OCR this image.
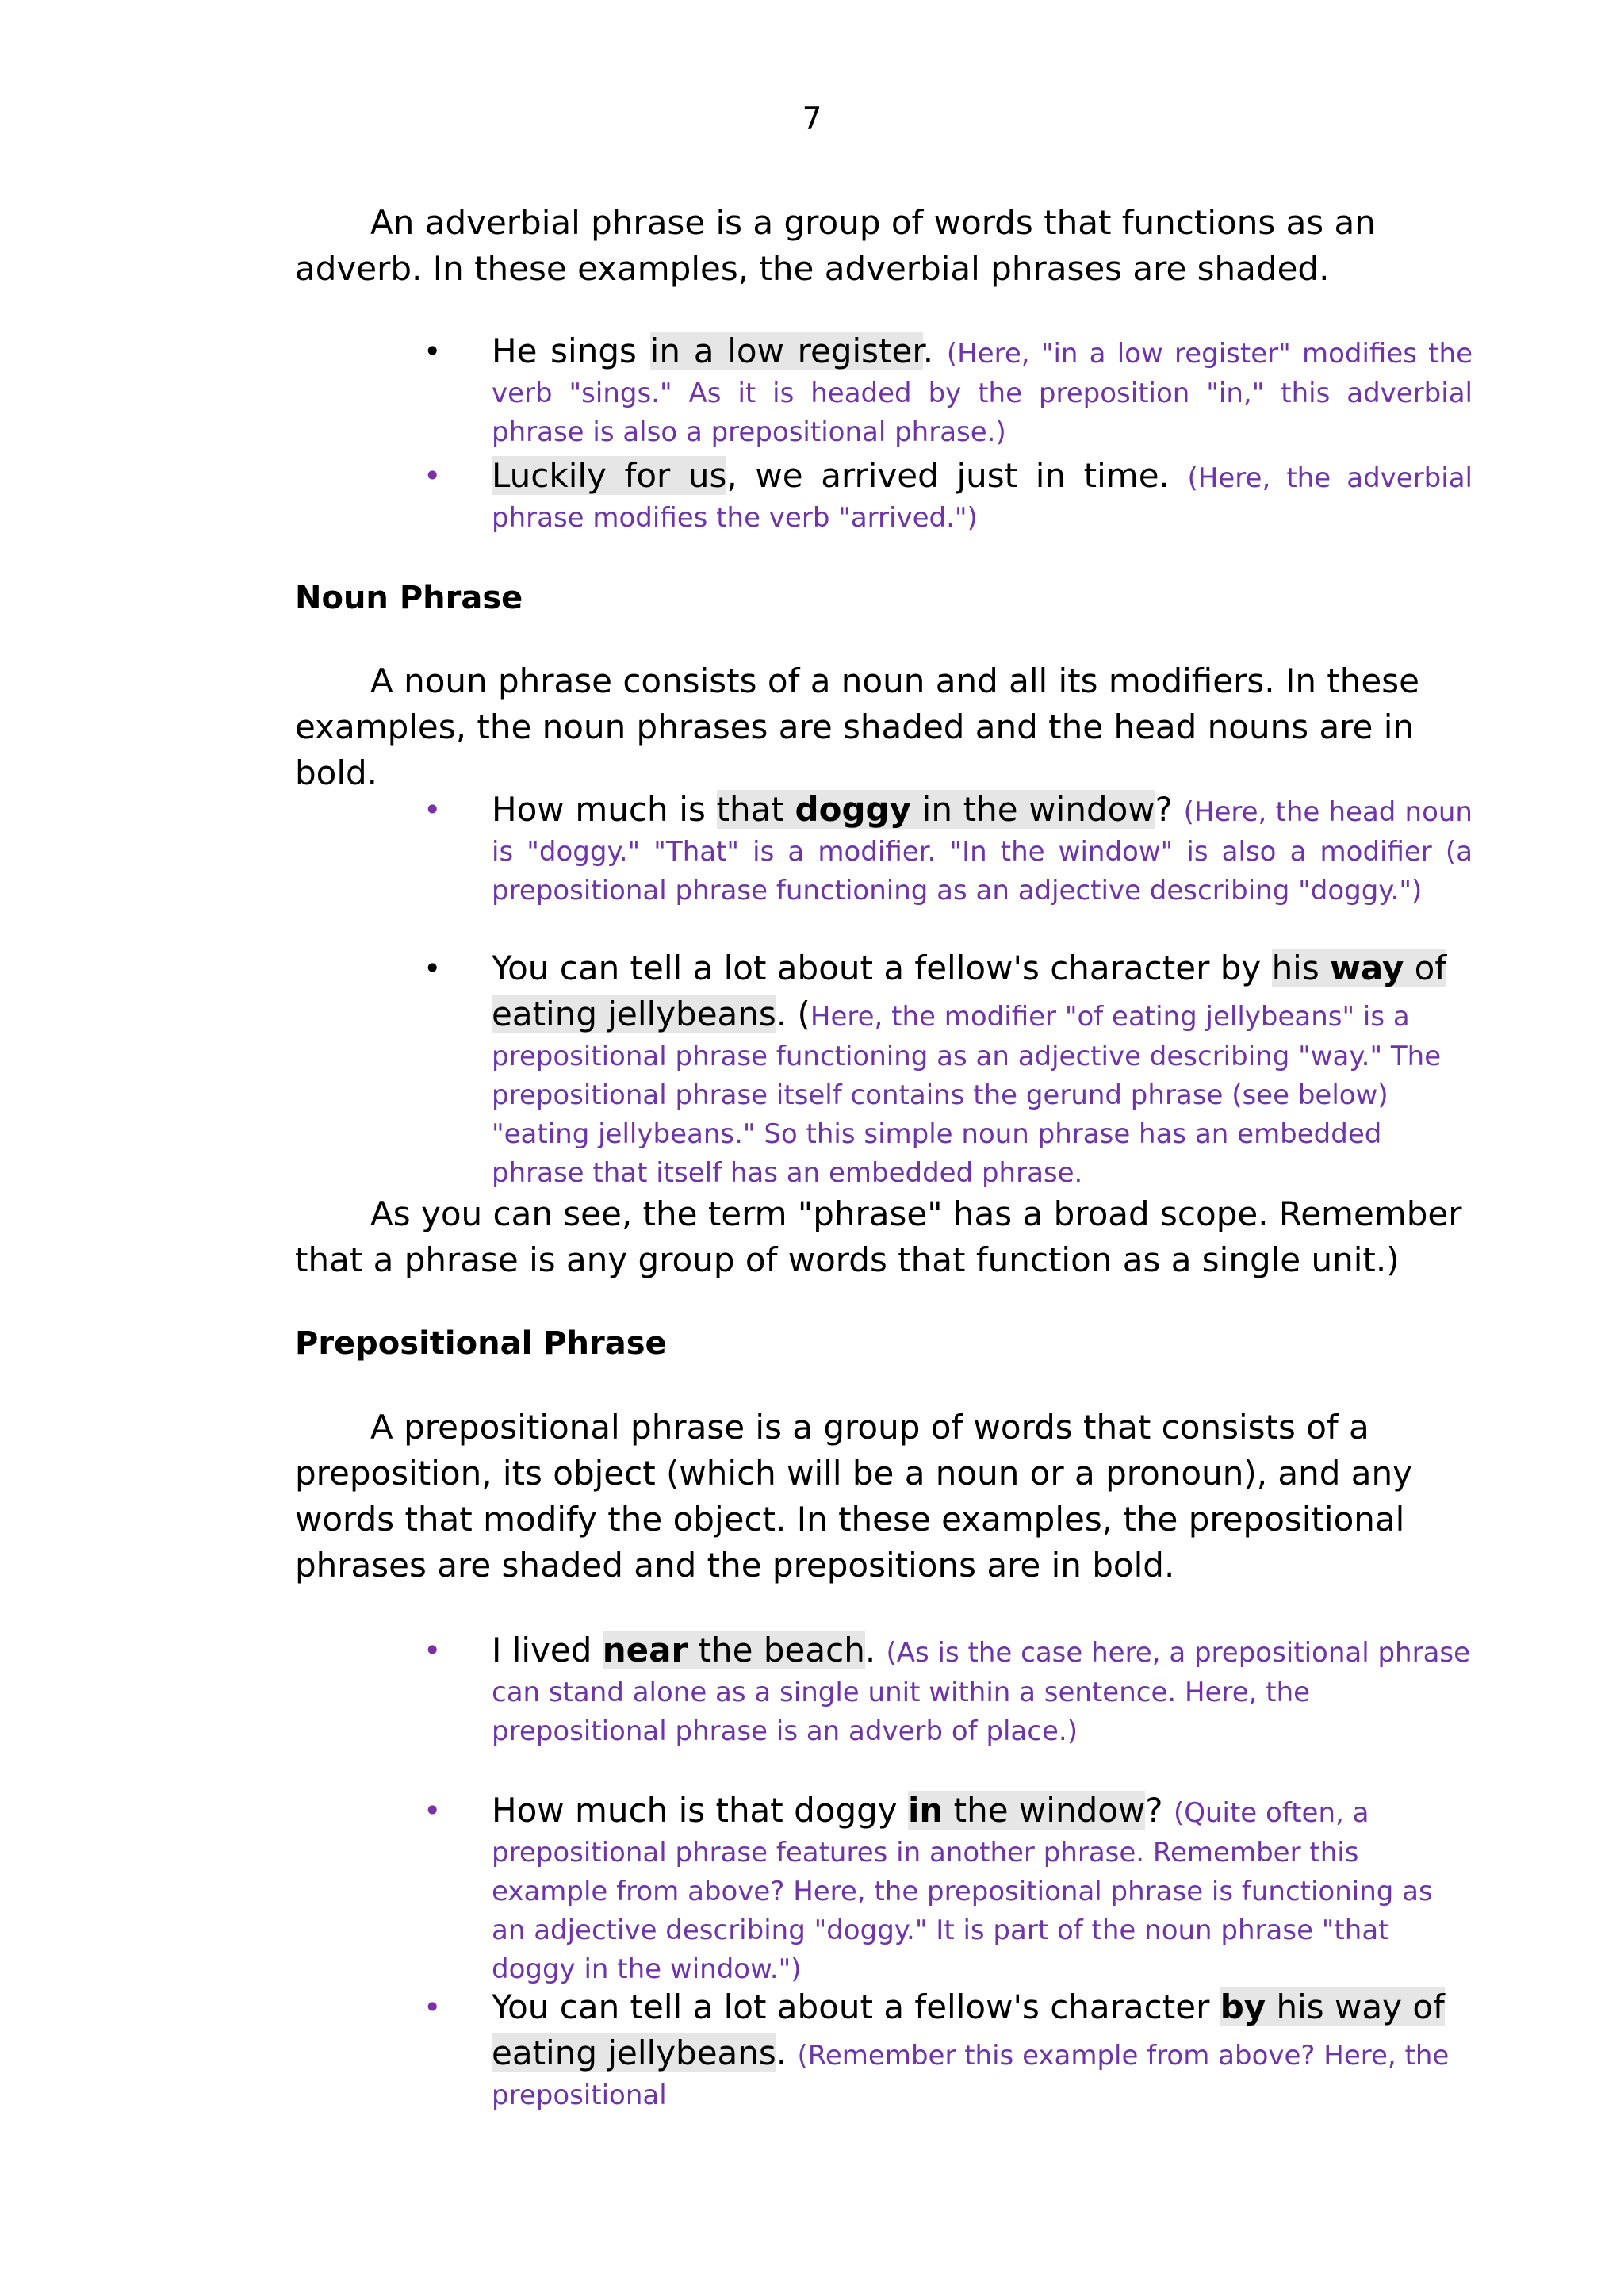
7
An adverbial phrase is a group of words that functions as an adverb. In these examples, the adverbial phrases are shaded.
• He sings in a low register. (Here, "in a low register" modifies the verb "sings." As it is headed by the preposition "in," this adverbial phrase is also a prepositional phrase.)
• Luckily for us, we arrived just in time. (Here, the adverbial phrase modifies the verb "arrived.")
Noun Phrase
A noun phrase consists of a noun and all its modifiers. In these examples, the noun phrases are shaded and the head nouns are in bold.
• How much is that doggy in the window? (Here, the head noun is "doggy." "That" is a modifier. "In the window" is also a modifier (a prepositional phrase functioning as an adjective describing "doggy.")
• You can tell a lot about a fellow's character by his way of eating jellybeans. (Here, the modifier "of eating jellybeans" is a prepositional phrase functioning as an adjective describing "way." The prepositional phrase itself contains the gerund phrase (see below) "eating jellybeans." So this simple noun phrase has an embedded phrase that itself has an embedded phrase.
As you can see, the term "phrase" has a broad scope. Remember that a phrase is any group of words that function as a single unit.)
Prepositional Phrase
A prepositional phrase is a group of words that consists of a preposition, its object (which will be a noun or a pronoun), and any words that modify the object. In these examples, the prepositional phrases are shaded and the prepositions are in bold.
• I lived near the beach. (As is the case here, a prepositional phrase can stand alone as a single unit within a sentence. Here, the prepositional phrase is an adverb of place.)
• How much is that doggy in the window? (Quite often, a prepositional phrase features in another phrase. Remember this example from above? Here, the prepositional phrase is functioning as an adjective describing "doggy." It is part of the noun phrase "that doggy in the window.")
• You can tell a lot about a fellow's character by his way of eating jellybeans. (Remember this example from above? Here, the prepositional
